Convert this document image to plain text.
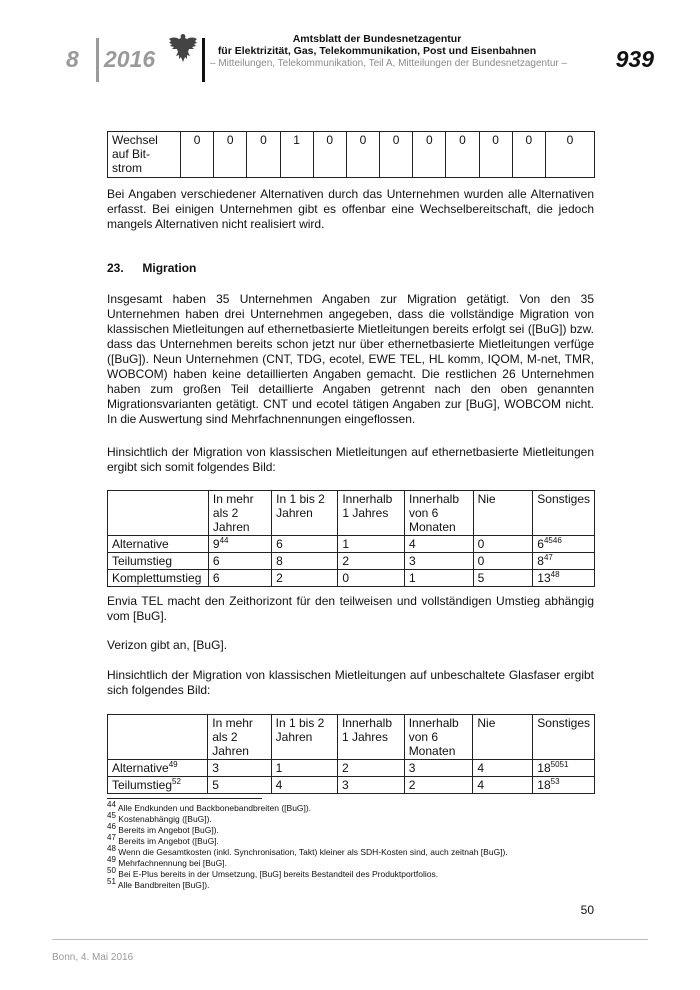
8 2016
Amtsblatt der Bundesnetzagentur
für Elektrizität, Gas, Telekommunikation, Post und Eisenbahnen
– Mitteilungen, Telekommunikation, Teil A, Mitteilungen der Bundesnetzagentur – 939
Wechsel auf Bit-strom	0	0	0	1	0	0	0	0	0	0	0	0

Bei Angaben verschiedener Alternativen durch das Unternehmen wurden alle Alternativen erfasst. Bei einigen Unternehmen gibt es offenbar eine Wechselbereitschaft, die jedoch mangels Alternativen nicht realisiert wird.

23. Migration

Insgesamt haben 35 Unternehmen Angaben zur Migration getätigt. Von den 35 Unternehmen haben drei Unternehmen angegeben, dass die vollständige Migration von klassischen Mietleitungen auf ethernetbasierte Mietleitungen bereits erfolgt sei ([BuG]) bzw. dass das Unternehmen bereits schon jetzt nur über ethernetbasierte Mietleitungen verfüge ([BuG]). Neun Unternehmen (CNT, TDG, ecotel, EWE TEL, HL komm, IQOM, M-net, TMR, WOBCOM) haben keine detaillierten Angaben gemacht. Die restlichen 26 Unternehmen haben zum großen Teil detaillierte Angaben getrennt nach den oben genannten Migrationsvarianten getätigt. CNT und ecotel tätigen Angaben zur [BuG], WOBCOM nicht. In die Auswertung sind Mehrfachnennungen eingeflossen.

Hinsichtlich der Migration von klassischen Mietleitungen auf ethernetbasierte Mietleitungen ergibt sich somit folgendes Bild:

	In mehr als 2 Jahren	In 1 bis 2 Jahren	Innerhalb 1 Jahres	Innerhalb von 6 Monaten	Nie	Sonstiges
Alternative	$9^{44}$	6	1	4	0	$6^{4546}$
Teilumstieg	6	8	2	3	0	$8^{47}$
Komplettumstieg	6	2	0	1	5	$13^{48}$

Envia TEL macht den Zeithorizont für den teilweisen und vollständigen Umstieg abhängig vom [BuG].

Verizon gibt an, [BuG].

Hinsichtlich der Migration von klassischen Mietleitungen auf unbeschaltete Glasfaser ergibt sich folgendes Bild:

	In mehr als 2 Jahren	In 1 bis 2 Jahren	Innerhalb 1 Jahres	Innerhalb von 6 Monaten	Nie	Sonstiges
Alternative$^{49}$	3	1	2	3	4	$18^{5051}$
Teilumstieg$^{52}$	5	4	3	2	4	$18^{53}$
$^{44}$ Alle Endkunden und Backbonebandbreiten ([BuG]).
$^{45}$ Kostenabhängig ([BuG]).
$^{46}$ Bereits im Angebot [BuG]).
$^{47}$ Bereits im Angebot ([BuG].
$^{48}$ Wenn die Gesamtkosten (inkl. Synchronisation, Takt) kleiner als SDH-Kosten sind, auch zeitnah [BuG]).
$^{49}$ Mehrfachnennung bei [BuG].
$^{50}$ Bei E-Plus bereits in der Umsetzung, [BuG] bereits Bestandteil des Produktportfolios.
$^{51}$ Alle Bandbreiten [BuG]).
50
Bonn, 4. Mai 2016
